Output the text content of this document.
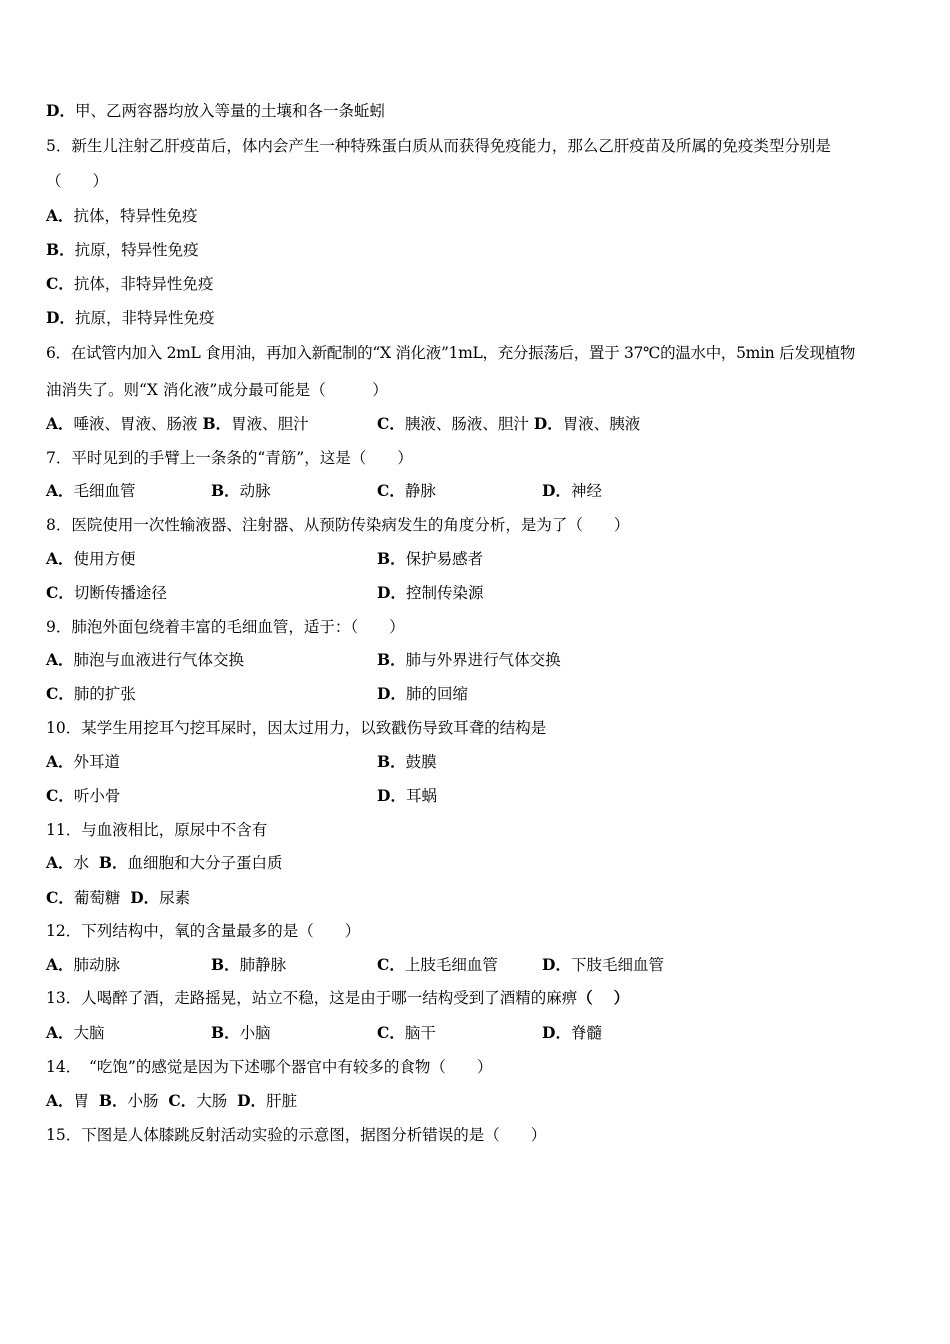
D．甲、乙两容器均放入等量的土壤和各一条蚯蚓
5．新生儿注射乙肝疫苗后，体内会产生一种特殊蛋白质从而获得免疫能力，那么乙肝疫苗及所属的免疫类型分别是
（　　）
A．抗体，特异性免疫
B．抗原，特异性免疫
C．抗体，非特异性免疫
D．抗原，非特异性免疫
6．在试管内加入 2mL 食用油，再加入新配制的“X 消化液”1mL，充分振荡后，置于 37℃的温水中，5min 后发现植物
油消失了。则“X 消化液”成分最可能是（　　　）
A．唾液、胃液、肠液 B．胃液、胆汁	C．胰液、肠液、胆汁 D．胃液、胰液
7．平时见到的手臂上一条条的“青筋”，这是（　　）
A．毛细血管	B．动脉	C．静脉	D．神经
8．医院使用一次性输液器、注射器、从预防传染病发生的角度分析，是为了（　　）
A．使用方便	B．保护易感者
C．切断传播途径	D．控制传染源
9．肺泡外面包绕着丰富的毛细血管，适于：（　　）
A．肺泡与血液进行气体交换	B．肺与外界进行气体交换
C．肺的扩张	D．肺的回缩
10．某学生用挖耳勺挖耳屎时，因太过用力，以致戳伤导致耳聋的结构是
A．外耳道	B．鼓膜
C．听小骨	D．耳蜗
11．与血液相比，原尿中不含有
A．水 B．血细胞和大分子蛋白质
C．葡萄糖 D．尿素
12．下列结构中，氧的含量最多的是（　　）
A．肺动脉	B．肺静脉	C．上肢毛细血管	D．下肢毛细血管
13．人喝醉了酒，走路摇晃，站立不稳，这是由于哪一结构受到了酒精的麻痹（　 ）
A．大脑	B．小脑	C．脑干	D．脊髓
14．　“吃饱”的感觉是因为下述哪个器官中有较多的食物（　　）
A．胃 B．小肠 C．大肠 D．肝脏
15．下图是人体膝跳反射活动实验的示意图，据图分析错误的是（　　）
